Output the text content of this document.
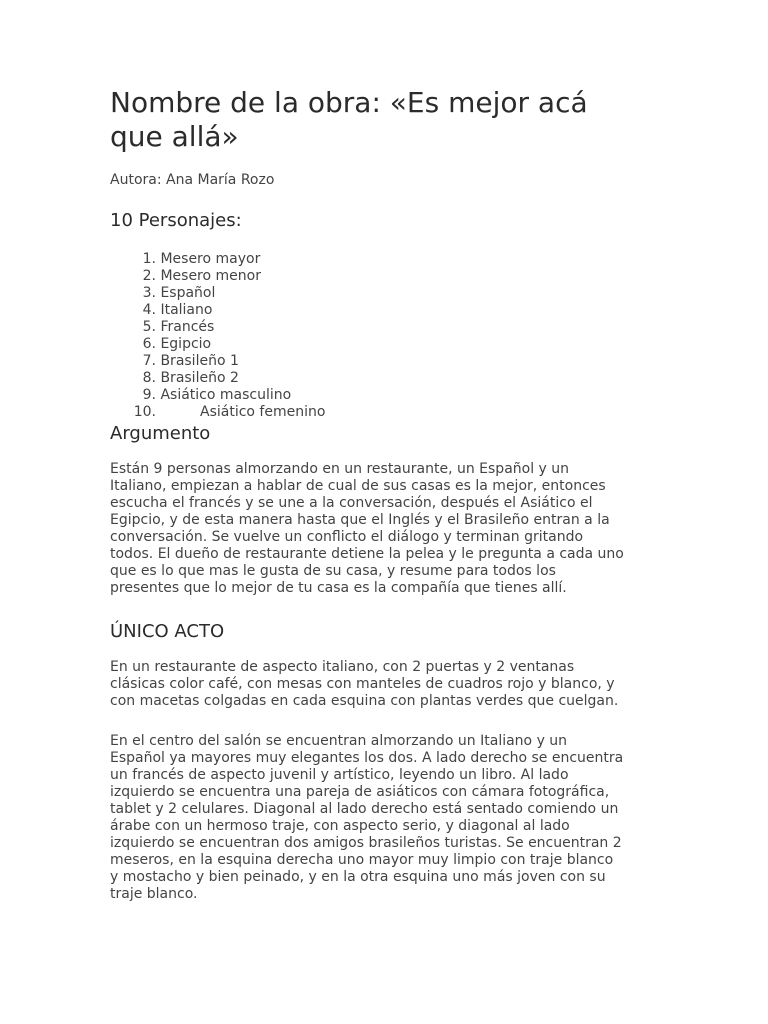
Nombre de la obra: «Es mejor acá
que allá»

Autora: Ana María Rozo

10 Personajes:
1. Mesero mayor
2. Mesero menor
3. Español
4. Italiano
5. Francés
6. Egipcio
7. Brasileño 1
8. Brasileño 2
9. Asiático masculino
10.	Asiático femenino
Argumento

Están 9 personas almorzando en un restaurante, un Español y un

Italiano, empiezan a hablar de cual de sus casas es la mejor, entonces

escucha el francés y se une a la conversación, después el Asiático el

Egipcio, y de esta manera hasta que el Inglés y el Brasileño entran a la

conversación. Se vuelve un conflicto el diálogo y terminan gritando

todos. El dueño de restaurante detiene la pelea y le pregunta a cada uno

que es lo que mas le gusta de su casa, y resume para todos los

presentes que lo mejor de tu casa es la compañía que tienes allí.

ÚNICO ACTO

En un restaurante de aspecto italiano, con 2 puertas y 2 ventanas

clásicas color café, con mesas con manteles de cuadros rojo y blanco, y

con macetas colgadas en cada esquina con plantas verdes que cuelgan.

En el centro del salón se encuentran almorzando un Italiano y un

Español ya mayores muy elegantes los dos. A lado derecho se encuentra

un francés de aspecto juvenil y artístico, leyendo un libro. Al lado

izquierdo se encuentra una pareja de asiáticos con cámara fotográfica,

tablet y 2 celulares. Diagonal al lado derecho está sentado comiendo un

árabe con un hermoso traje, con aspecto serio, y diagonal al lado

izquierdo se encuentran dos amigos brasileños turistas. Se encuentran 2

meseros, en la esquina derecha uno mayor muy limpio con traje blanco

y mostacho y bien peinado, y en la otra esquina uno más joven con su

traje blanco.
